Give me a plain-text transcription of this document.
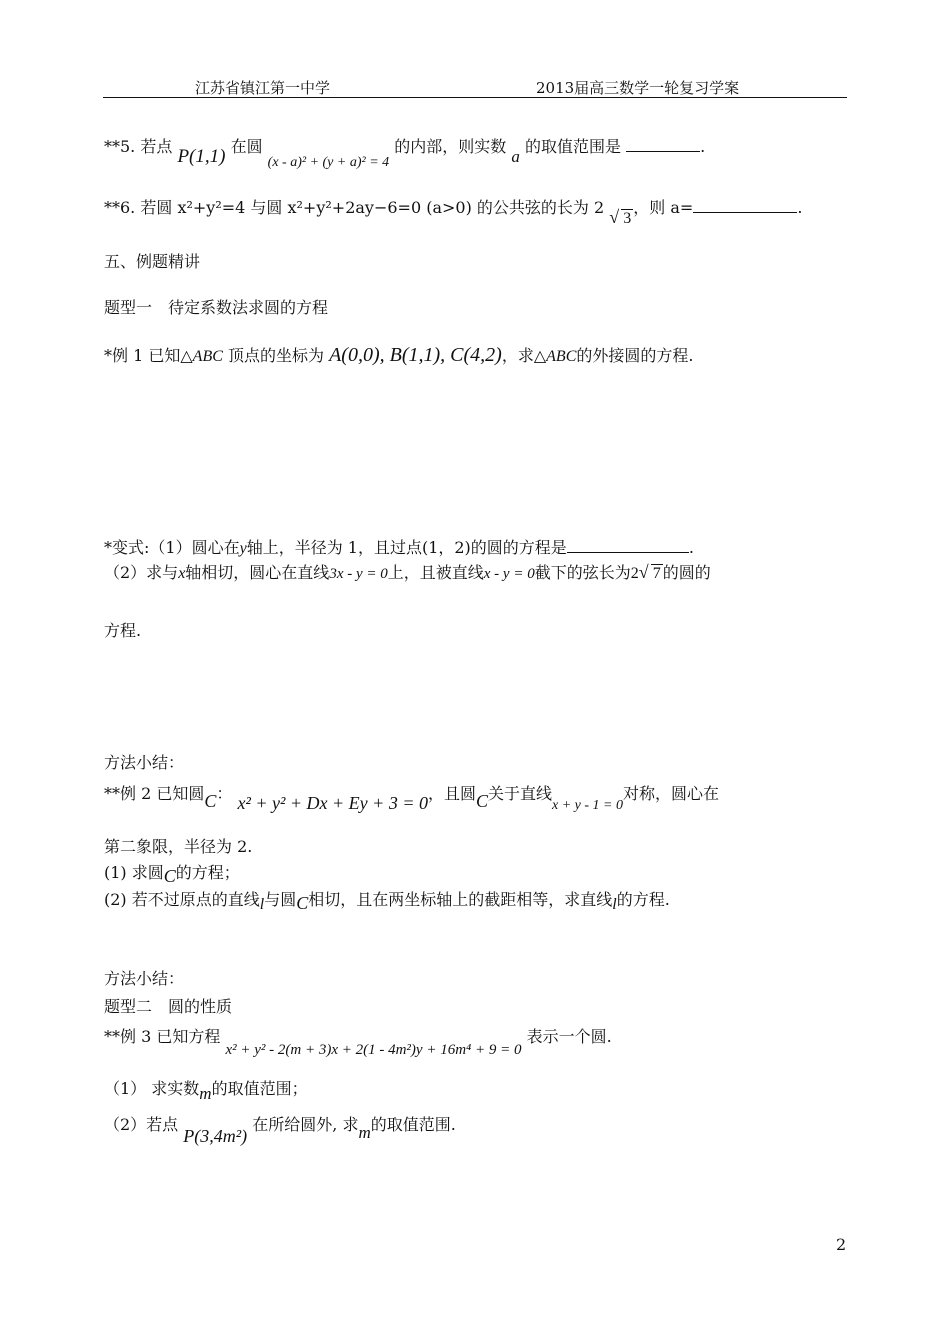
江苏省镇江第一中学	2013届高三数学一轮复习学案
**5. 若点 P(1,1) 在圆 (x - a)² + (y + a)² = 4 的内部，则实数 a 的取值范围是	.
**6. 若圆 x²+y²=4 与圆 x²+y²+2ay−6=0 (a>0) 的公共弦的长为 2 √ 3，则 a=	.
五、例题精讲
题型一　待定系数法求圆的方程
*例 1 已知△ABC 顶点的坐标为 A(0,0), B(1,1), C(4,2)，求△ABC的外接圆的方程.
*变式:（1）圆心在y轴上，半径为 1，且过点(1，2)的圆的方程是	.
（2）求与x轴相切，圆心在直线3x - y = 0上，且被直线x - y = 0截下的弦长为2√ 7 的圆的
方程.
方法小结：
**例 2 已知圆C： x² + y² + Dx + Ey + 3 = 0，且圆C关于直线x + y - 1 = 0对称，圆心在
第二象限，半径为 2.
(1) 求圆C的方程；
(2) 若不过原点的直线l与圆C相切，且在两坐标轴上的截距相等，求直线l的方程.
方法小结：
题型二　圆的性质
**例 3 已知方程 x² + y² - 2(m + 3)x + 2(1 - 4m²)y + 16m⁴ + 9 = 0 表示一个圆.
（1） 求实数m的取值范围；
（2）若点 P(3,4m²) 在所给圆外, 求m的取值范围.
2
